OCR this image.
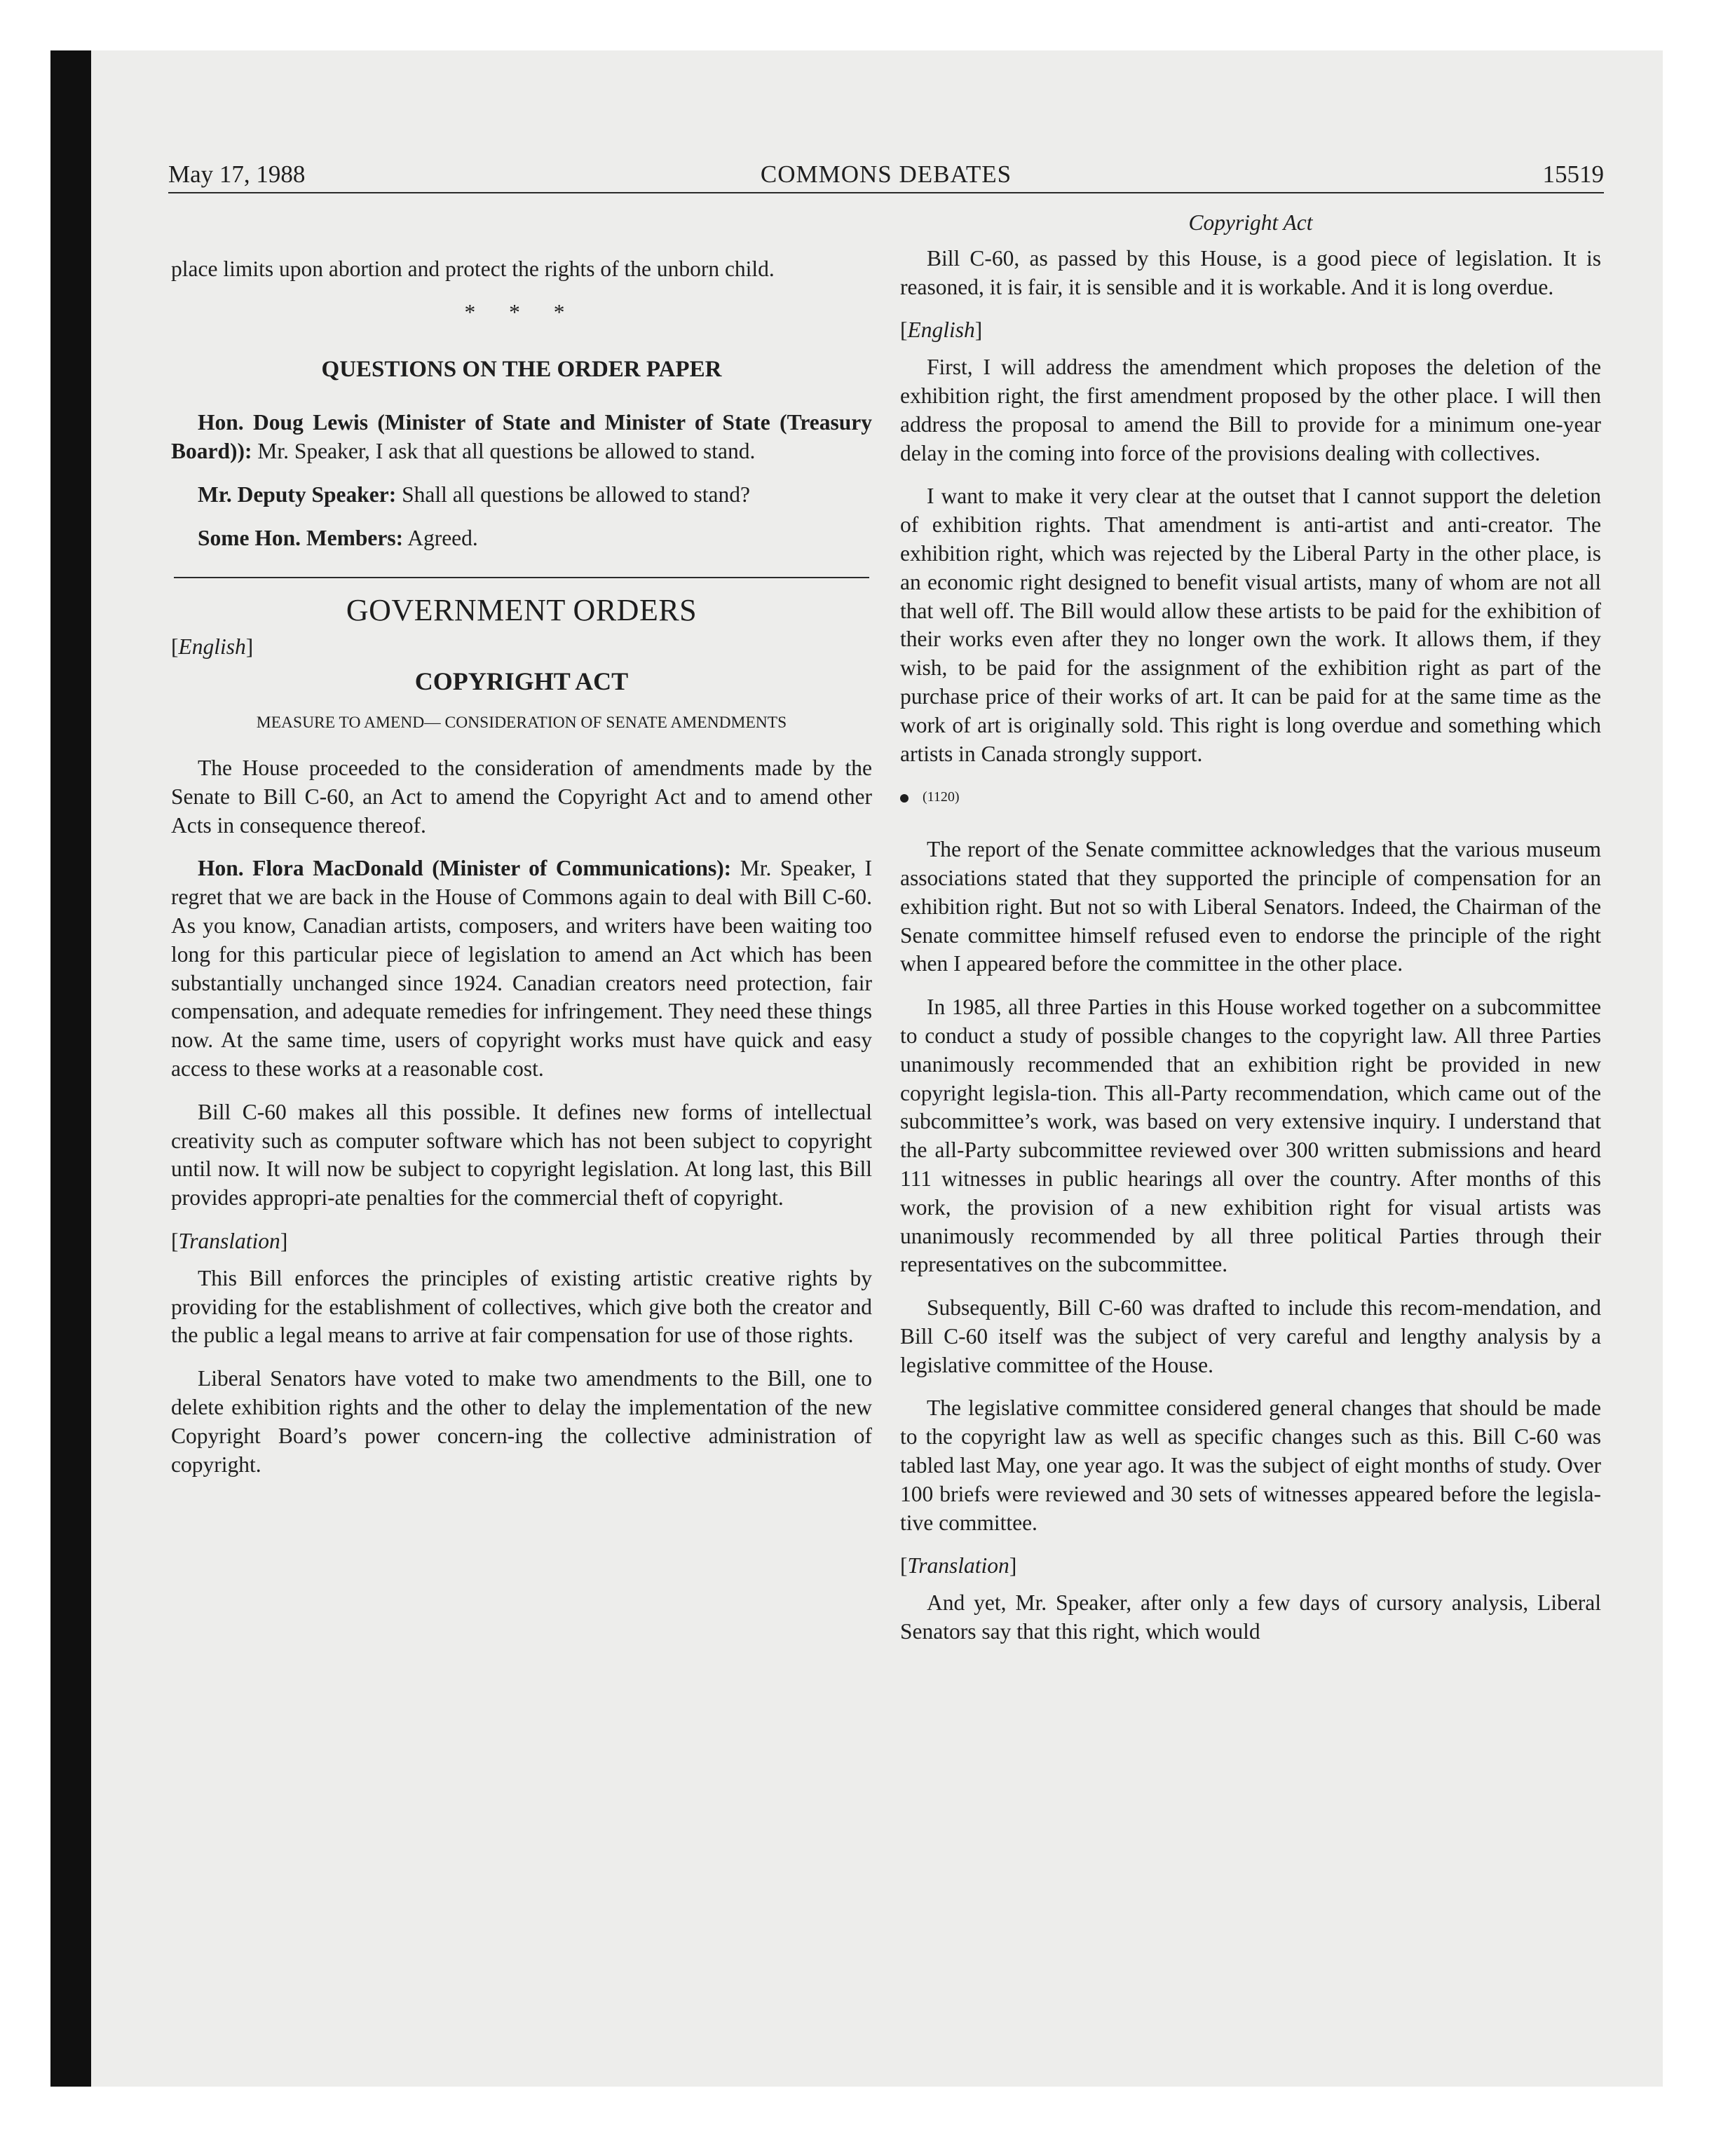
May 17, 1988	COMMONS DEBATES	15519

place limits upon abortion and protect the rights of the unborn child.

* * *
QUESTIONS ON THE ORDER PAPER

Hon. Doug Lewis (Minister of State and Minister of State (Treasury Board)): Mr. Speaker, I ask that all questions be allowed to stand.

Mr. Deputy Speaker: Shall all questions be allowed to stand?

Some Hon. Members: Agreed.

GOVERNMENT ORDERS
[English]
COPYRIGHT ACT
MEASURE TO AMEND— CONSIDERATION OF SENATE AMENDMENTS

The House proceeded to the consideration of amendments made by the Senate to Bill C-60, an Act to amend the Copyright Act and to amend other Acts in consequence thereof.

Hon. Flora MacDonald (Minister of Communications): Mr. Speaker, I regret that we are back in the House of Commons again to deal with Bill C-60. As you know, Canadian artists, composers, and writers have been waiting too long for this particular piece of legislation to amend an Act which has been substantially unchanged since 1924. Canadian creators need protection, fair compensation, and adequate remedies for infringement. They need these things now. At the same time, users of copyright works must have quick and easy access to these works at a reasonable cost.

Bill C-60 makes all this possible. It defines new forms of intellectual creativity such as computer software which has not been subject to copyright until now. It will now be subject to copyright legislation. At long last, this Bill provides appropri-ate penalties for the commercial theft of copyright.

[Translation]

This Bill enforces the principles of existing artistic creative rights by providing for the establishment of collectives, which give both the creator and the public a legal means to arrive at fair compensation for use of those rights.

Liberal Senators have voted to make two amendments to the Bill, one to delete exhibition rights and the other to delay the implementation of the new Copyright Board’s power concern-ing the collective administration of copyright.

Copyright Act

Bill C-60, as passed by this House, is a good piece of legislation. It is reasoned, it is fair, it is sensible and it is workable. And it is long overdue.

[English]

First, I will address the amendment which proposes the deletion of the exhibition right, the first amendment proposed by the other place. I will then address the proposal to amend the Bill to provide for a minimum one-year delay in the coming into force of the provisions dealing with collectives.

I want to make it very clear at the outset that I cannot support the deletion of exhibition rights. That amendment is anti-artist and anti-creator. The exhibition right, which was rejected by the Liberal Party in the other place, is an economic right designed to benefit visual artists, many of whom are not all that well off. The Bill would allow these artists to be paid for the exhibition of their works even after they no longer own the work. It allows them, if they wish, to be paid for the assignment of the exhibition right as part of the purchase price of their works of art. It can be paid for at the same time as the work of art is originally sold. This right is long overdue and something which artists in Canada strongly support.

(1120)

The report of the Senate committee acknowledges that the various museum associations stated that they supported the principle of compensation for an exhibition right. But not so with Liberal Senators. Indeed, the Chairman of the Senate committee himself refused even to endorse the principle of the right when I appeared before the committee in the other place.

In 1985, all three Parties in this House worked together on a subcommittee to conduct a study of possible changes to the copyright law. All three Parties unanimously recommended that an exhibition right be provided in new copyright legisla-tion. This all-Party recommendation, which came out of the subcommittee’s work, was based on very extensive inquiry. I understand that the all-Party subcommittee reviewed over 300 written submissions and heard 111 witnesses in public hearings all over the country. After months of this work, the provision of a new exhibition right for visual artists was unanimously recommended by all three political Parties through their representatives on the subcommittee.

Subsequently, Bill C-60 was drafted to include this recom-mendation, and Bill C-60 itself was the subject of very careful and lengthy analysis by a legislative committee of the House.

The legislative committee considered general changes that should be made to the copyright law as well as specific changes such as this. Bill C-60 was tabled last May, one year ago. It was the subject of eight months of study. Over 100 briefs were reviewed and 30 sets of witnesses appeared before the legisla-tive committee.

[Translation]

And yet, Mr. Speaker, after only a few days of cursory analysis, Liberal Senators say that this right, which would
